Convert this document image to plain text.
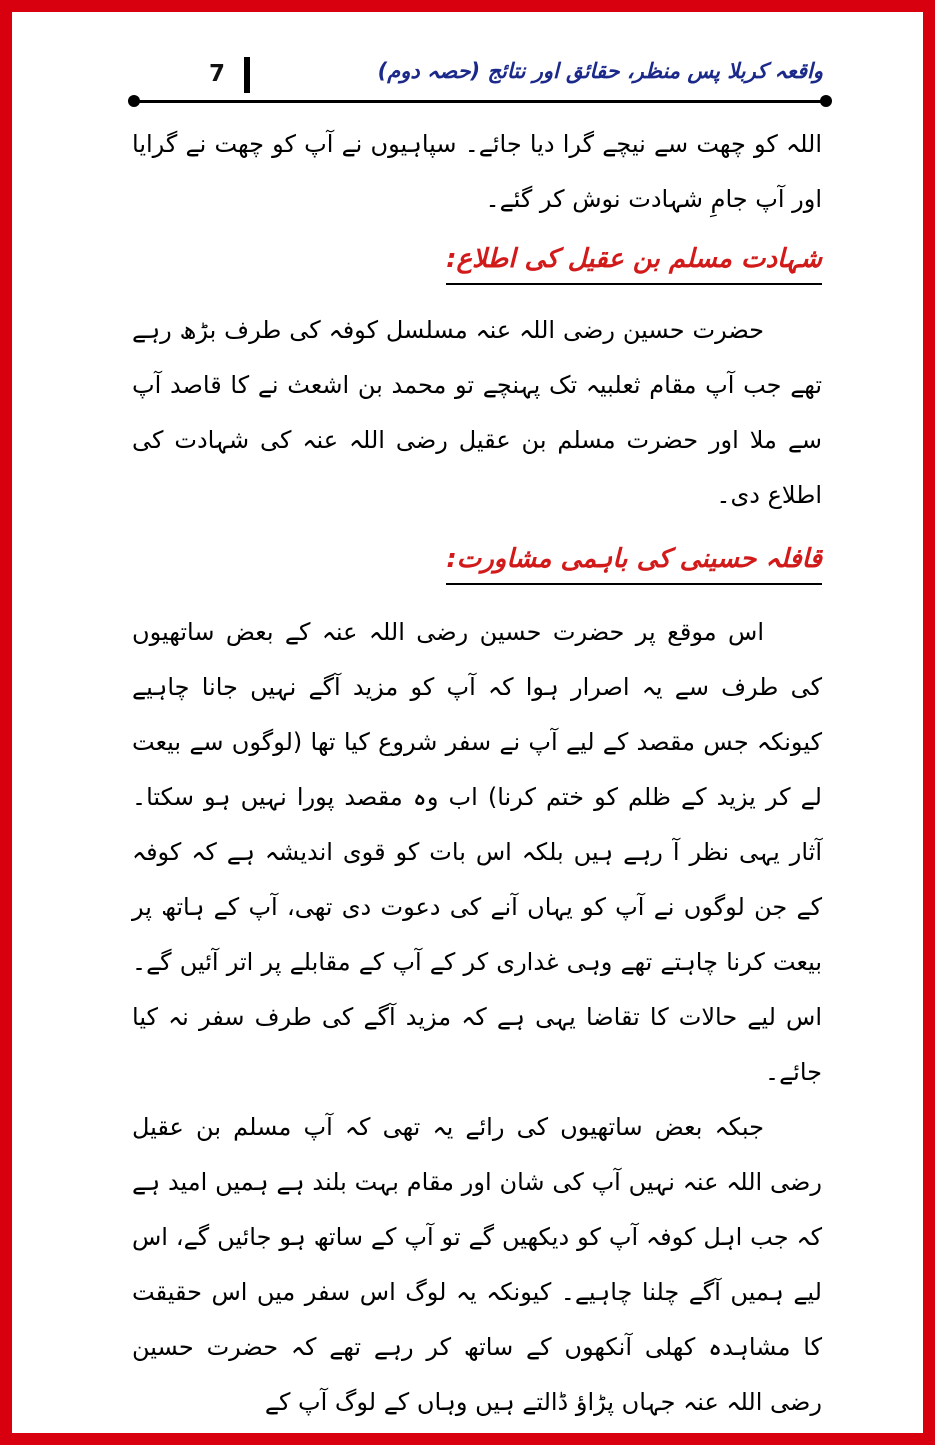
7	واقعہ کربلا پس منظر، حقائق اور نتائج (حصہ دوم)

اللہ کو چھت سے نیچے گرا دیا جائے۔ سپاہیوں نے آپ کو چھت نے گرایا اور آپ جامِ شہادت نوش کر گئے۔

شہادت مسلم بن عقیل کی اطلاع:

حضرت حسین رضی اللہ عنہ مسلسل کوفہ کی طرف بڑھ رہے تھے جب آپ مقام ثعلبیہ تک پہنچے تو محمد بن اشعث نے کا قاصد آپ سے ملا اور حضرت مسلم بن عقیل رضی اللہ عنہ کی شہادت کی اطلاع دی۔

قافلہ حسینی کی باہمی مشاورت:

اس موقع پر حضرت حسین رضی اللہ عنہ کے بعض ساتھیوں کی طرف سے یہ اصرار ہوا کہ آپ کو مزید آگے نہیں جانا چاہیے کیونکہ جس مقصد کے لیے آپ نے سفر شروع کیا تھا (لوگوں سے بیعت لے کر یزید کے ظلم کو ختم کرنا) اب وہ مقصد پورا نہیں ہو سکتا۔ آثار یہی نظر آ رہے ہیں بلکہ اس بات کو قوی اندیشہ ہے کہ کوفہ کے جن لوگوں نے آپ کو یہاں آنے کی دعوت دی تھی، آپ کے ہاتھ پر بیعت کرنا چاہتے تھے وہی غداری کر کے آپ کے مقابلے پر اتر آئیں گے۔ اس لیے حالات کا تقاضا یہی ہے کہ مزید آگے کی طرف سفر نہ کیا جائے۔

جبکہ بعض ساتھیوں کی رائے یہ تھی کہ آپ مسلم بن عقیل رضی اللہ عنہ نہیں آپ کی شان اور مقام بہت بلند ہے ہمیں امید ہے کہ جب اہل کوفہ آپ کو دیکھیں گے تو آپ کے ساتھ ہو جائیں گے، اس لیے ہمیں آگے چلنا چاہیے۔ کیونکہ یہ لوگ اس سفر میں اس حقیقت کا مشاہدہ کھلی آنکھوں کے ساتھ کر رہے تھے کہ حضرت حسین رضی اللہ عنہ جہاں پڑاؤ ڈالتے ہیں وہاں کے لوگ آپ کے
